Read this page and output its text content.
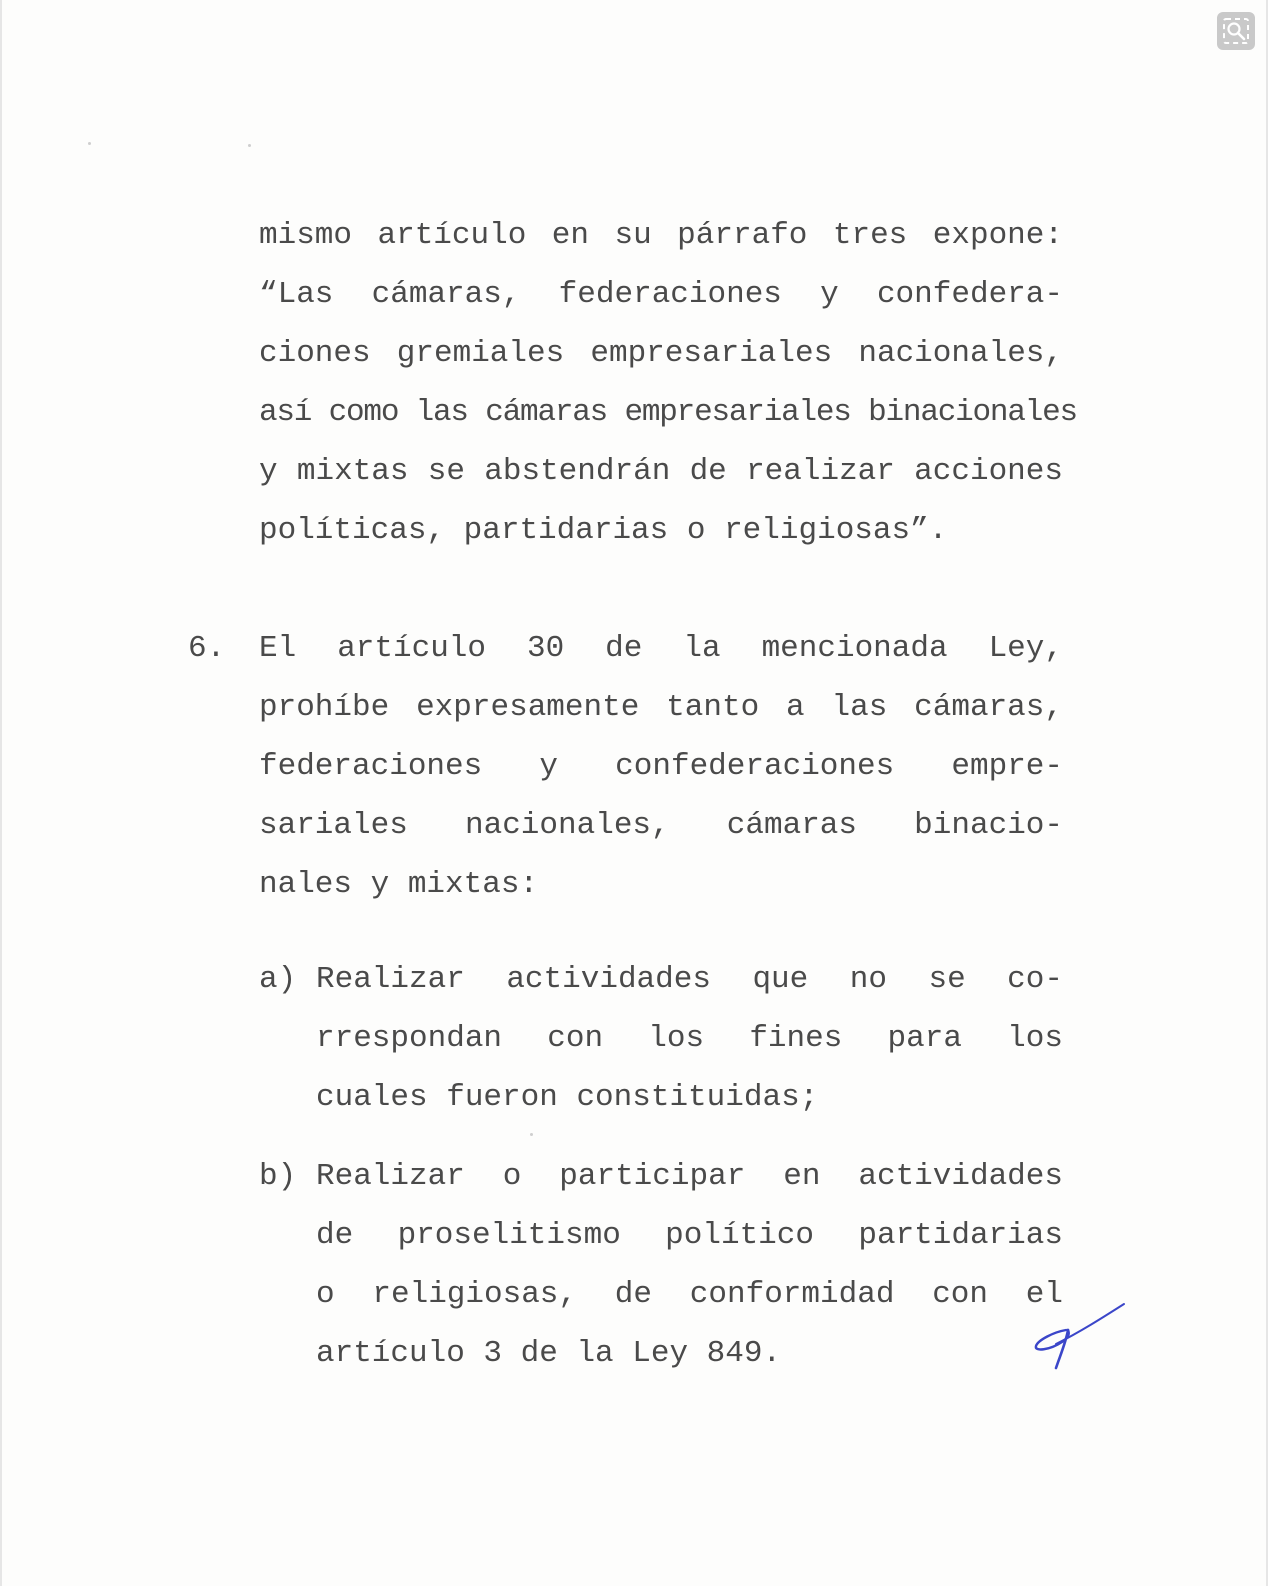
mismo artículo en su párrafo tres expone:
“Las cámaras, federaciones y confedera-
ciones gremiales empresariales nacionales,
así como las cámaras empresariales binacionales
y mixtas se abstendrán de realizar acciones
políticas, partidarias o religiosas”.
6. El artículo 30 de la mencionada Ley,
prohíbe expresamente tanto a las cámaras,
federaciones y confederaciones empre-
sariales nacionales, cámaras binacio-
nales y mixtas:
a) Realizar actividades que no se co-
rrespondan con los fines para los
cuales fueron constituidas;
b) Realizar o participar en actividades
de proselitismo político partidarias
o religiosas, de conformidad con el
artículo 3 de la Ley 849.
